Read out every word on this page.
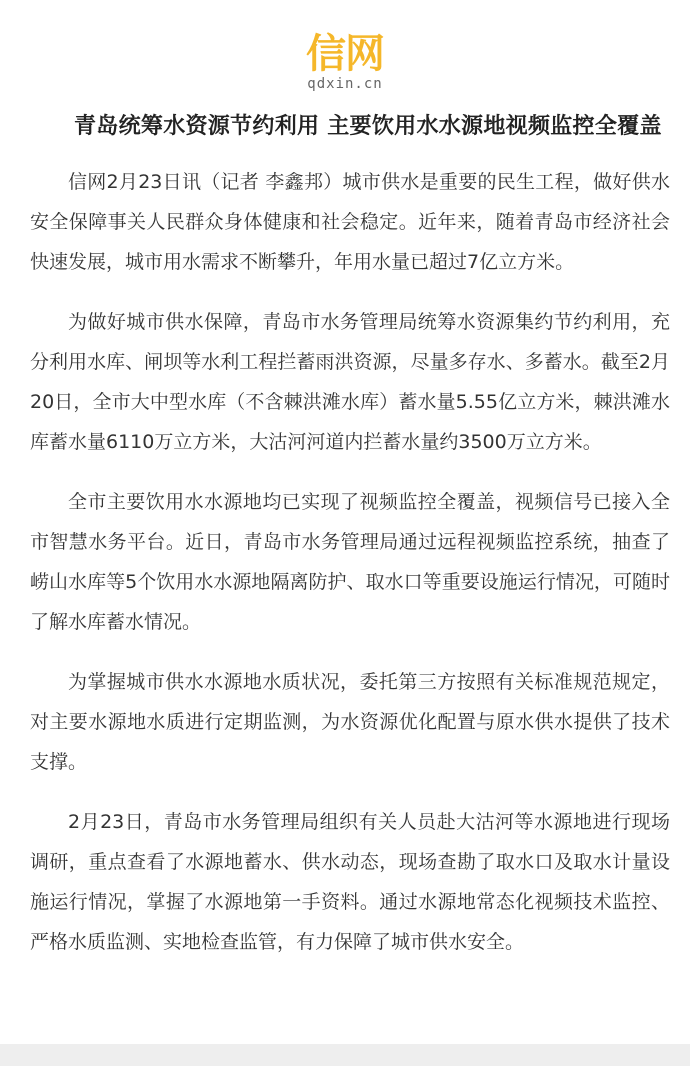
信网
qdxin.cn
青岛统筹水资源节约利用 主要饮用水水源地视频监控全覆盖

信网2月23日讯（记者 李鑫邦）城市供水是重要的民生工程，做好供水安全保障事关人民群众身体健康和社会稳定。近年来，随着青岛市经济社会快速发展，城市用水需求不断攀升，年用水量已超过7亿立方米。

为做好城市供水保障，青岛市水务管理局统筹水资源集约节约利用，充分利用水库、闸坝等水利工程拦蓄雨洪资源，尽量多存水、多蓄水。截至2月20日，全市大中型水库（不含棘洪滩水库）蓄水量5.55亿立方米，棘洪滩水库蓄水量6110万立方米，大沽河河道内拦蓄水量约3500万立方米。

全市主要饮用水水源地均已实现了视频监控全覆盖，视频信号已接入全市智慧水务平台。近日，青岛市水务管理局通过远程视频监控系统，抽查了崂山水库等5个饮用水水源地隔离防护、取水口等重要设施运行情况，可随时了解水库蓄水情况。

为掌握城市供水水源地水质状况，委托第三方按照有关标准规范规定，对主要水源地水质进行定期监测，为水资源优化配置与原水供水提供了技术支撑。

2月23日，青岛市水务管理局组织有关人员赴大沽河等水源地进行现场调研，重点查看了水源地蓄水、供水动态，现场查勘了取水口及取水计量设施运行情况，掌握了水源地第一手资料。通过水源地常态化视频技术监控、严格水质监测、实地检查监管，有力保障了城市供水安全。
